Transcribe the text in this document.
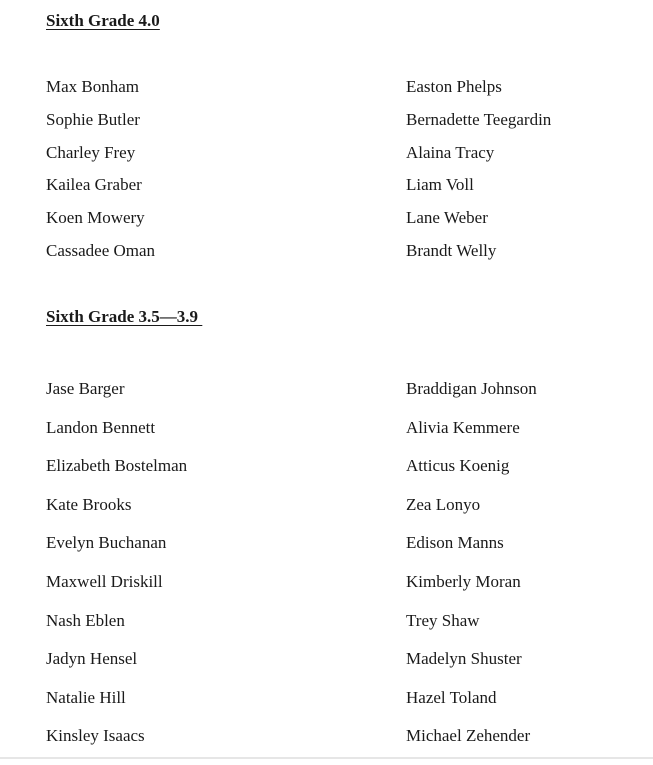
Sixth Grade 4.0
Max Bonham
Sophie Butler
Charley Frey
Kailea Graber
Koen Mowery
Cassadee Oman
Easton Phelps
Bernadette Teegardin
Alaina Tracy
Liam Voll
Lane Weber
Brandt Welly
Sixth Grade 3.5—3.9
Jase Barger
Landon Bennett
Elizabeth Bostelman
Kate Brooks
Evelyn Buchanan
Maxwell Driskill
Nash Eblen
Jadyn Hensel
Natalie Hill
Kinsley Isaacs
Braddigan Johnson
Alivia Kemmere
Atticus Koenig
Zea Lonyo
Edison Manns
Kimberly Moran
Trey Shaw
Madelyn Shuster
Hazel Toland
Michael Zehender
